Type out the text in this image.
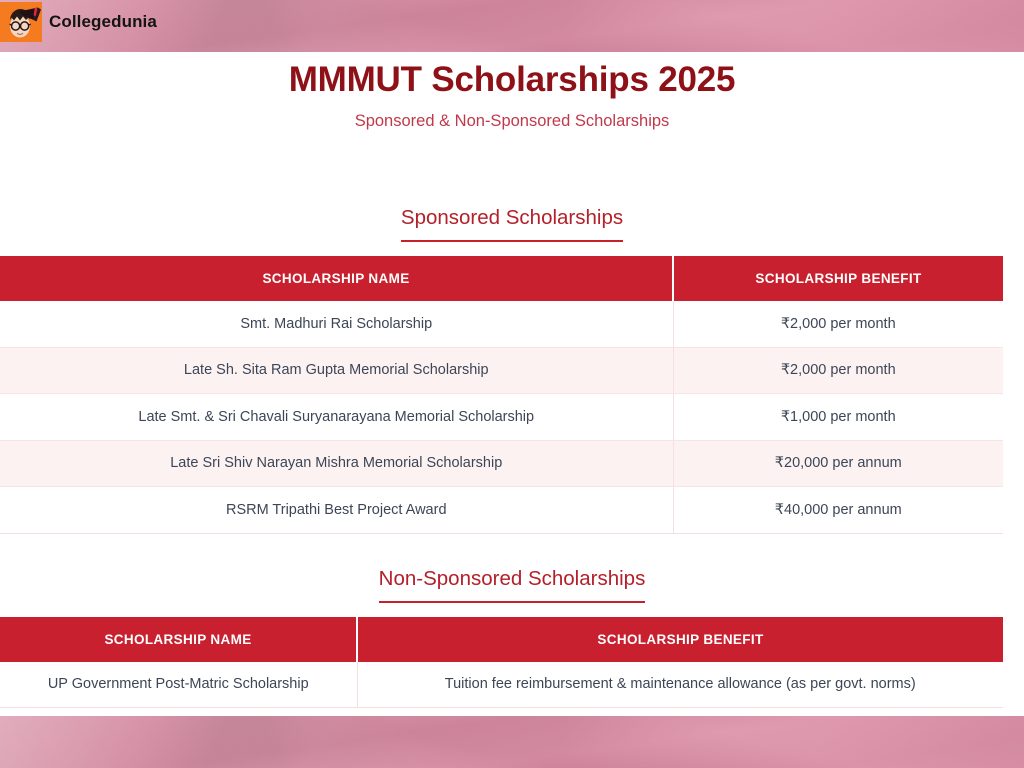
Collegedunia
MMMUT Scholarships 2025
Sponsored & Non-Sponsored Scholarships
Sponsored Scholarships
SCHOLARSHIP NAME	SCHOLARSHIP BENEFIT
Smt. Madhuri Rai Scholarship	₹2,000 per month
Late Sh. Sita Ram Gupta Memorial Scholarship	₹2,000 per month
Late Smt. & Sri Chavali Suryanarayana Memorial Scholarship	₹1,000 per month
Late Sri Shiv Narayan Mishra Memorial Scholarship	₹20,000 per annum
RSRM Tripathi Best Project Award	₹40,000 per annum
Non-Sponsored Scholarships
SCHOLARSHIP NAME	SCHOLARSHIP BENEFIT
UP Government Post-Matric Scholarship	Tuition fee reimbursement & maintenance allowance (as per govt. norms)
